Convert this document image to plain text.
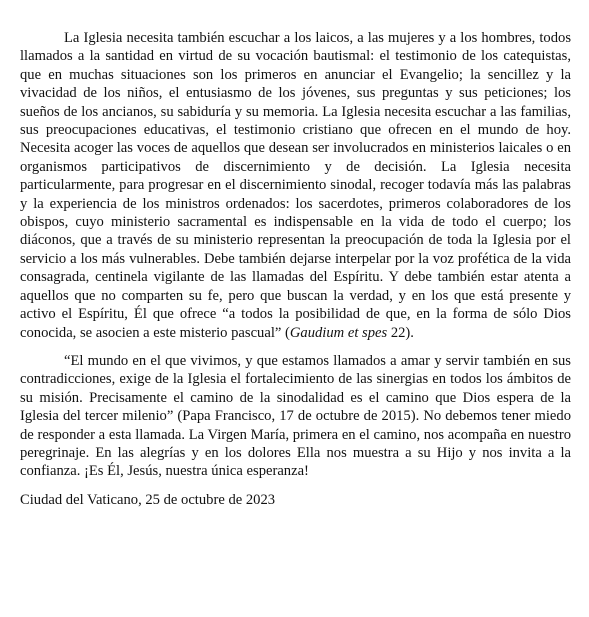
La Iglesia necesita también escuchar a los laicos, a las mujeres y a los hombres, todos llamados a la santidad en virtud de su vocación bautismal: el testimonio de los catequistas, que en muchas situaciones son los primeros en anunciar el Evangelio; la sencillez y la vivacidad de los niños, el entusiasmo de los jóvenes, sus preguntas y sus peticiones; los sueños de los ancianos, su sabiduría y su memoria. La Iglesia necesita escuchar a las familias, sus preocupaciones educativas, el testimonio cristiano que ofrecen en el mundo de hoy. Necesita acoger las voces de aquellos que desean ser involucrados en ministerios laicales o en organismos participativos de discernimiento y de decisión. La Iglesia necesita particularmente, para progresar en el discernimiento sinodal, recoger todavía más las palabras y la experiencia de los ministros ordenados: los sacerdotes, primeros colaboradores de los obispos, cuyo ministerio sacramental es indispensable en la vida de todo el cuerpo; los diáconos, que a través de su ministerio representan la preocupación de toda la Iglesia por el servicio a los más vulnerables. Debe también dejarse interpelar por la voz profética de la vida consagrada, centinela vigilante de las llamadas del Espíritu. Y debe también estar atenta a aquellos que no comparten su fe, pero que buscan la verdad, y en los que está presente y activo el Espíritu, Él que ofrece “a todos la posibilidad de que, en la forma de sólo Dios conocida, se asocien a este misterio pascual” (Gaudium et spes 22).

“El mundo en el que vivimos, y que estamos llamados a amar y servir también en sus contradicciones, exige de la Iglesia el fortalecimiento de las sinergias en todos los ámbitos de su misión. Precisamente el camino de la sinodalidad es el camino que Dios espera de la Iglesia del tercer milenio” (Papa Francisco, 17 de octubre de 2015). No debemos tener miedo de responder a esta llamada. La Virgen María, primera en el camino, nos acompaña en nuestro peregrinaje. En las alegrías y en los dolores Ella nos muestra a su Hijo y nos invita a la confianza. ¡Es Él, Jesús, nuestra única esperanza!

Ciudad del Vaticano, 25 de octubre de 2023
